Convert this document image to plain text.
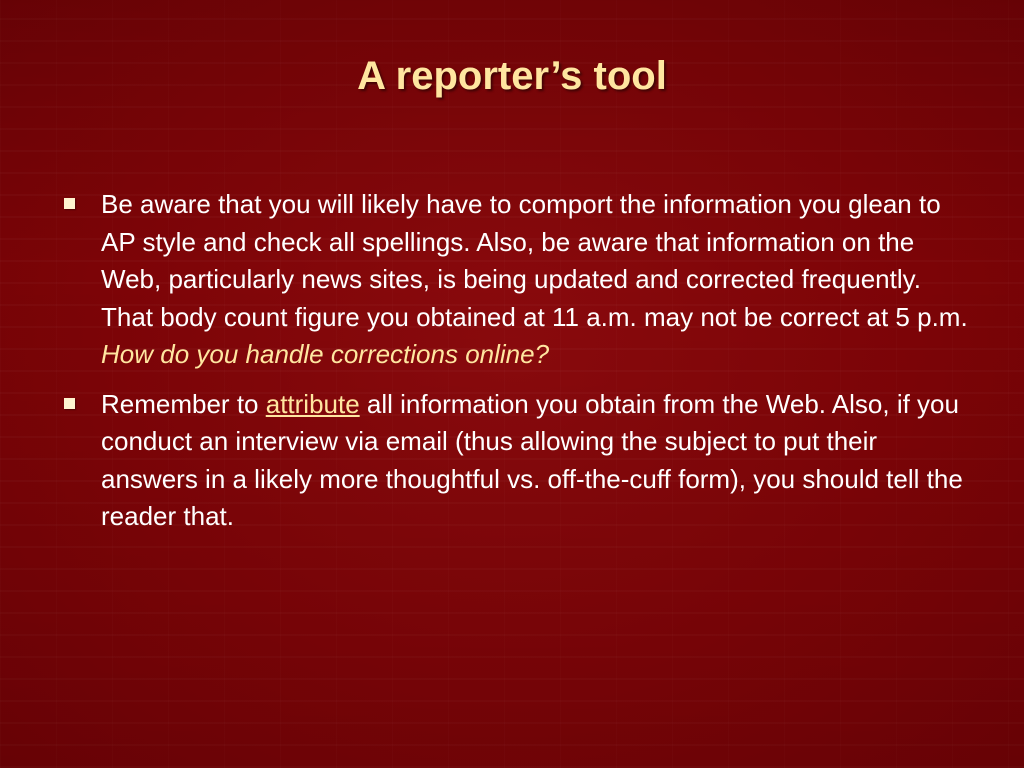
A reporter’s tool
Be aware that you will likely have to comport the information you glean to AP style and check all spellings. Also, be aware that information on the Web, particularly news sites, is being updated and corrected frequently. That body count figure you obtained at 11 a.m. may not be correct at 5 p.m. How do you handle corrections online?
Remember to attribute all information you obtain from the Web. Also, if you conduct an interview via email (thus allowing the subject to put their answers in a likely more thoughtful vs. off-the-cuff form), you should tell the reader that.
